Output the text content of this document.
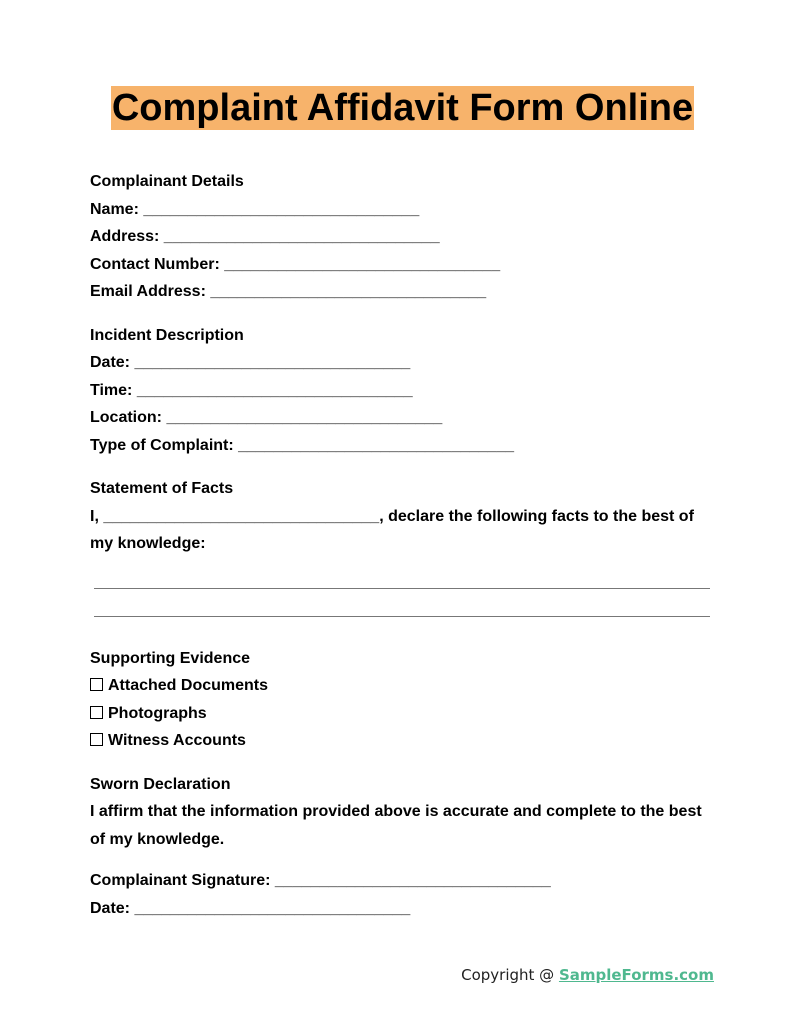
Complaint Affidavit Form Online
Complainant Details
Name: _______________________________
Address: _______________________________
Contact Number: _______________________________
Email Address: _______________________________
Incident Description
Date: _______________________________
Time: _______________________________
Location: _______________________________
Type of Complaint: _______________________________
Statement of Facts
I, _______________________________, declare the following facts to the best of my knowledge:
Supporting Evidence
Attached Documents
Photographs
Witness Accounts
Sworn Declaration
I affirm that the information provided above is accurate and complete to the best of my knowledge.
Complainant Signature: _______________________________
Date: _______________________________
Copyright @ SampleForms.com
